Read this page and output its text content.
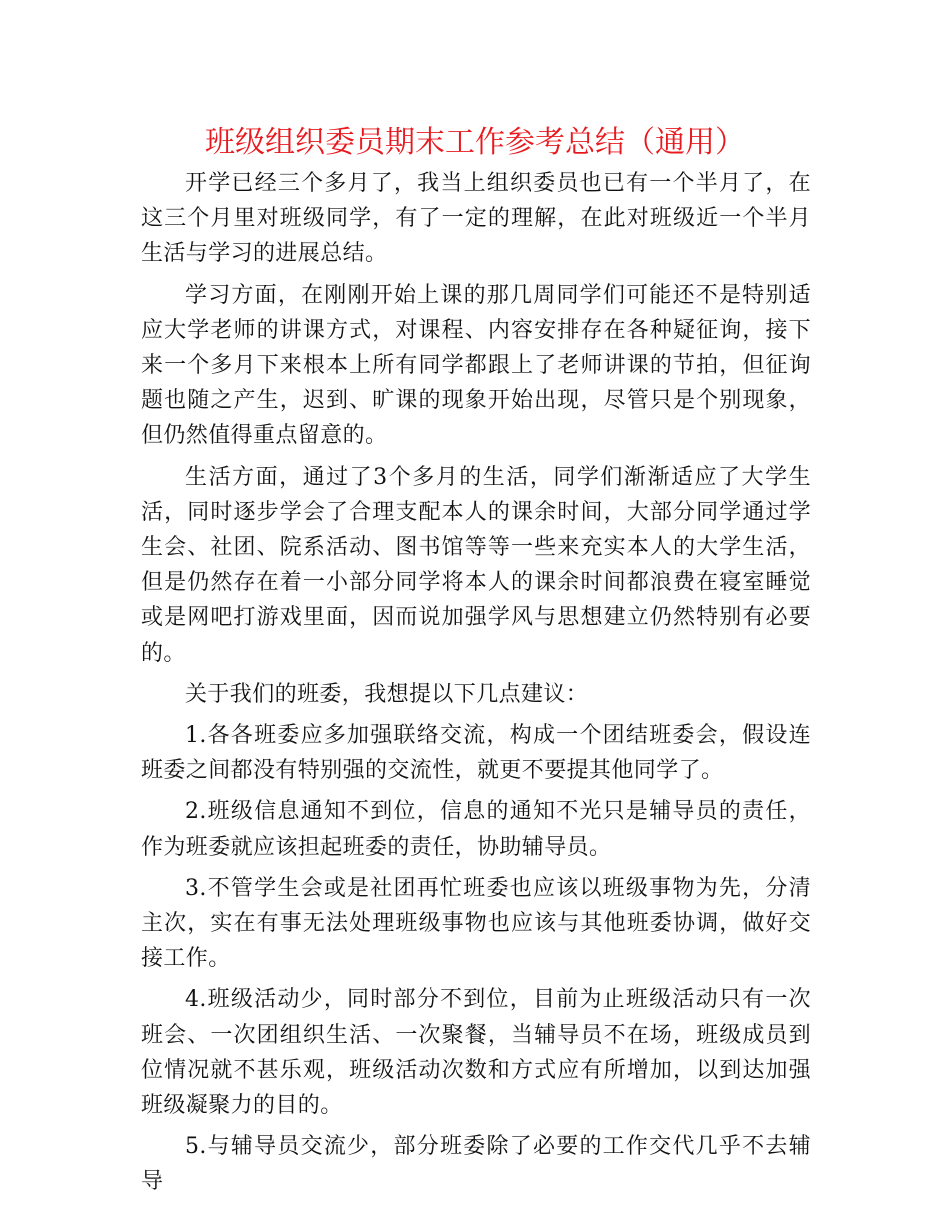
班级组织委员期末工作参考总结（通用）

开学已经三个多月了，我当上组织委员也已有一个半月了，在这三个月里对班级同学，有了一定的理解，在此对班级近一个半月生活与学习的进展总结。

学习方面，在刚刚开始上课的那几周同学们可能还不是特别适应大学老师的讲课方式，对课程、内容安排存在各种疑征询，接下来一个多月下来根本上所有同学都跟上了老师讲课的节拍，但征询题也随之产生，迟到、旷课的现象开始出现，尽管只是个别现象，但仍然值得重点留意的。

生活方面，通过了3个多月的生活，同学们渐渐适应了大学生活，同时逐步学会了合理支配本人的课余时间，大部分同学通过学生会、社团、院系活动、图书馆等等一些来充实本人的大学生活，但是仍然存在着一小部分同学将本人的课余时间都浪费在寝室睡觉或是网吧打游戏里面，因而说加强学风与思想建立仍然特别有必要的。

关于我们的班委，我想提以下几点建议：

1.各各班委应多加强联络交流，构成一个团结班委会，假设连班委之间都没有特别强的交流性，就更不要提其他同学了。

2.班级信息通知不到位，信息的通知不光只是辅导员的责任，作为班委就应该担起班委的责任，协助辅导员。

3.不管学生会或是社团再忙班委也应该以班级事物为先，分清主次，实在有事无法处理班级事物也应该与其他班委协调，做好交接工作。

4.班级活动少，同时部分不到位，目前为止班级活动只有一次班会、一次团组织生活、一次聚餐，当辅导员不在场，班级成员到位情况就不甚乐观，班级活动次数和方式应有所增加，以到达加强班级凝聚力的目的。

5.与辅导员交流少，部分班委除了必要的工作交代几乎不去辅导
